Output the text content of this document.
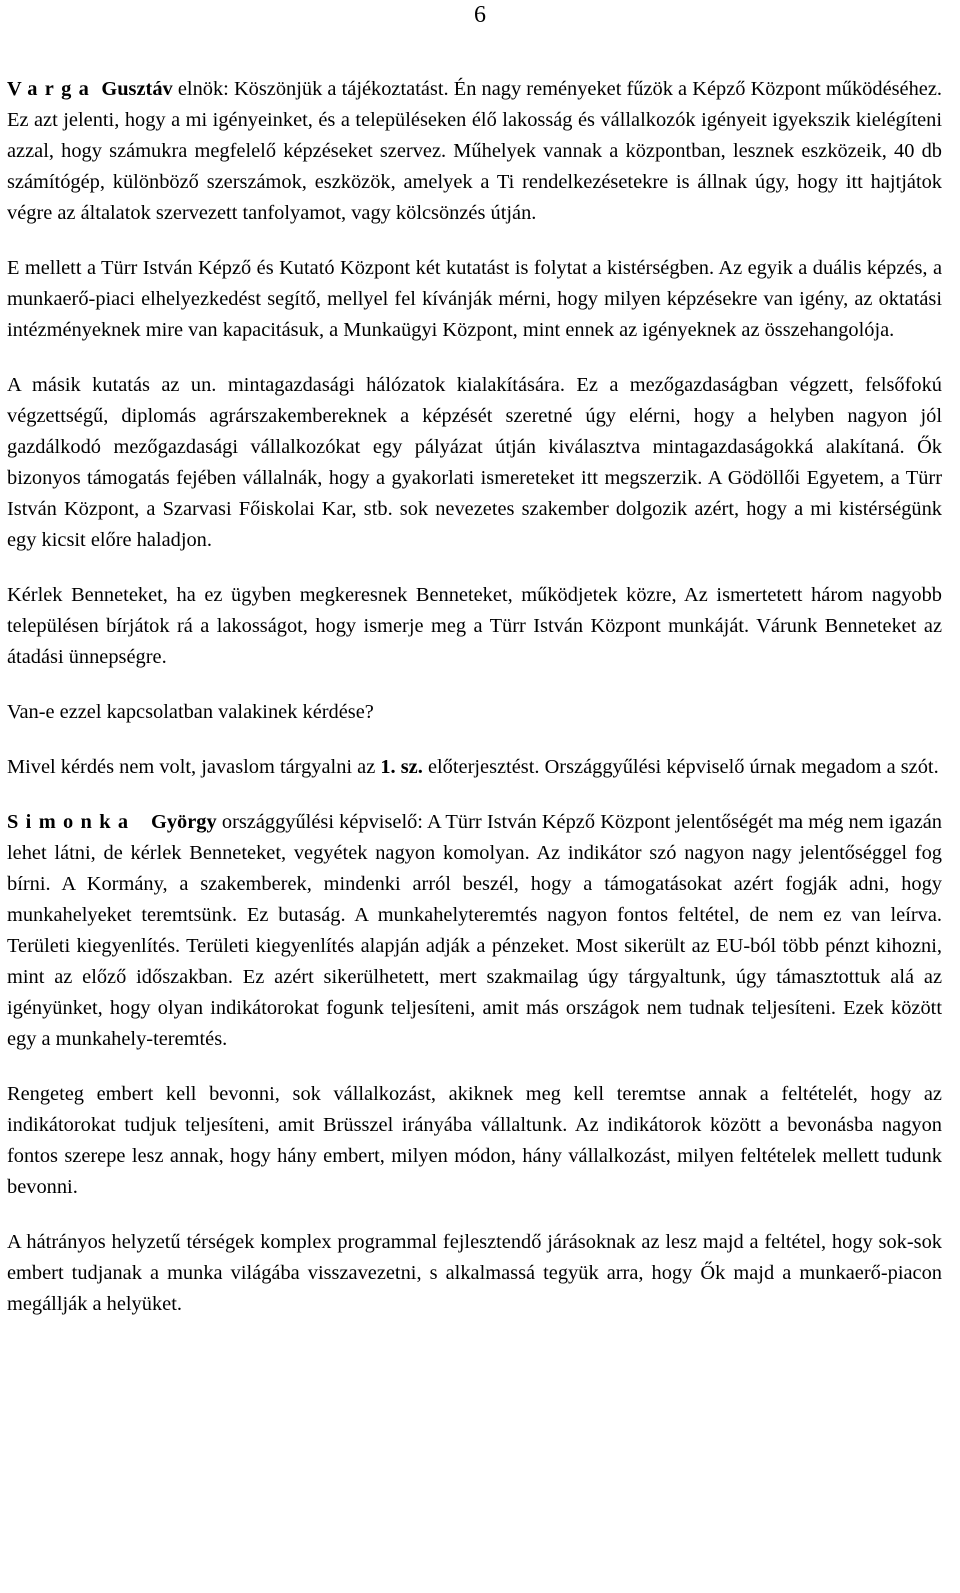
6

Varga Gusztáv elnök: Köszönjük a tájékoztatást. Én nagy reményeket fűzök a Képző Központ működéséhez. Ez azt jelenti, hogy a mi igényeinket, és a településeken élő lakosság és vállalkozók igényeit igyekszik kielégíteni azzal, hogy számukra megfelelő képzéseket szervez. Műhelyek vannak a központban, lesznek eszközeik, 40 db számítógép, különböző szerszámok, eszközök, amelyek a Ti rendelkezésetekre is állnak úgy, hogy itt hajtjátok végre az általatok szervezett tanfolyamot, vagy kölcsönzés útján.

E mellett a Türr István Képző és Kutató Központ két kutatást is folytat a kistérségben. Az egyik a duális képzés, a munkaerő-piaci elhelyezkedést segítő, mellyel fel kívánják mérni, hogy milyen képzésekre van igény, az oktatási intézményeknek mire van kapacitásuk, a Munkaügyi Központ, mint ennek az igényeknek az összehangolója.

A másik kutatás az un. mintagazdasági hálózatok kialakítására. Ez a mezőgazdaságban végzett, felsőfokú végzettségű, diplomás agrárszakembereknek a képzését szeretné úgy elérni, hogy a helyben nagyon jól gazdálkodó mezőgazdasági vállalkozókat egy pályázat útján kiválasztva mintagazdaságokká alakítaná. Ők bizonyos támogatás fejében vállalnák, hogy a gyakorlati ismereteket itt megszerzik. A Gödöllői Egyetem, a Türr István Központ, a Szarvasi Főiskolai Kar, stb. sok nevezetes szakember dolgozik azért, hogy a mi kistérségünk egy kicsit előre haladjon.

Kérlek Benneteket, ha ez ügyben megkeresnek Benneteket, működjetek közre, Az ismertetett három nagyobb településen bírjátok rá a lakosságot, hogy ismerje meg a Türr István Központ munkáját. Várunk Benneteket az átadási ünnepségre.

Van-e ezzel kapcsolatban valakinek kérdése?

Mivel kérdés nem volt, javaslom tárgyalni az 1. sz. előterjesztést. Országgyűlési képviselő úrnak megadom a szót.

Simonka György országgyűlési képviselő: A Türr István Képző Központ jelentőségét ma még nem igazán lehet látni, de kérlek Benneteket, vegyétek nagyon komolyan. Az indikátor szó nagyon nagy jelentőséggel fog bírni. A Kormány, a szakemberek, mindenki arról beszél, hogy a támogatásokat azért fogják adni, hogy munkahelyeket teremtsünk. Ez butaság. A munkahelyteremtés nagyon fontos feltétel, de nem ez van leírva. Területi kiegyenlítés. Területi kiegyenlítés alapján adják a pénzeket. Most sikerült az EU-ból több pénzt kihozni, mint az előző időszakban. Ez azért sikerülhetett, mert szakmailag úgy tárgyaltunk, úgy támasztottuk alá az igényünket, hogy olyan indikátorokat fogunk teljesíteni, amit más országok nem tudnak teljesíteni. Ezek között egy a munkahely-teremtés.

Rengeteg embert kell bevonni, sok vállalkozást, akiknek meg kell teremtse annak a feltételét, hogy az indikátorokat tudjuk teljesíteni, amit Brüsszel irányába vállaltunk. Az indikátorok között a bevonásba nagyon fontos szerepe lesz annak, hogy hány embert, milyen módon, hány vállalkozást, milyen feltételek mellett tudunk bevonni.

A hátrányos helyzetű térségek komplex programmal fejlesztendő járásoknak az lesz majd a feltétel, hogy sok-sok embert tudjanak a munka világába visszavezetni, s alkalmassá tegyük arra, hogy Ők majd a munkaerő-piacon megállják a helyüket.
